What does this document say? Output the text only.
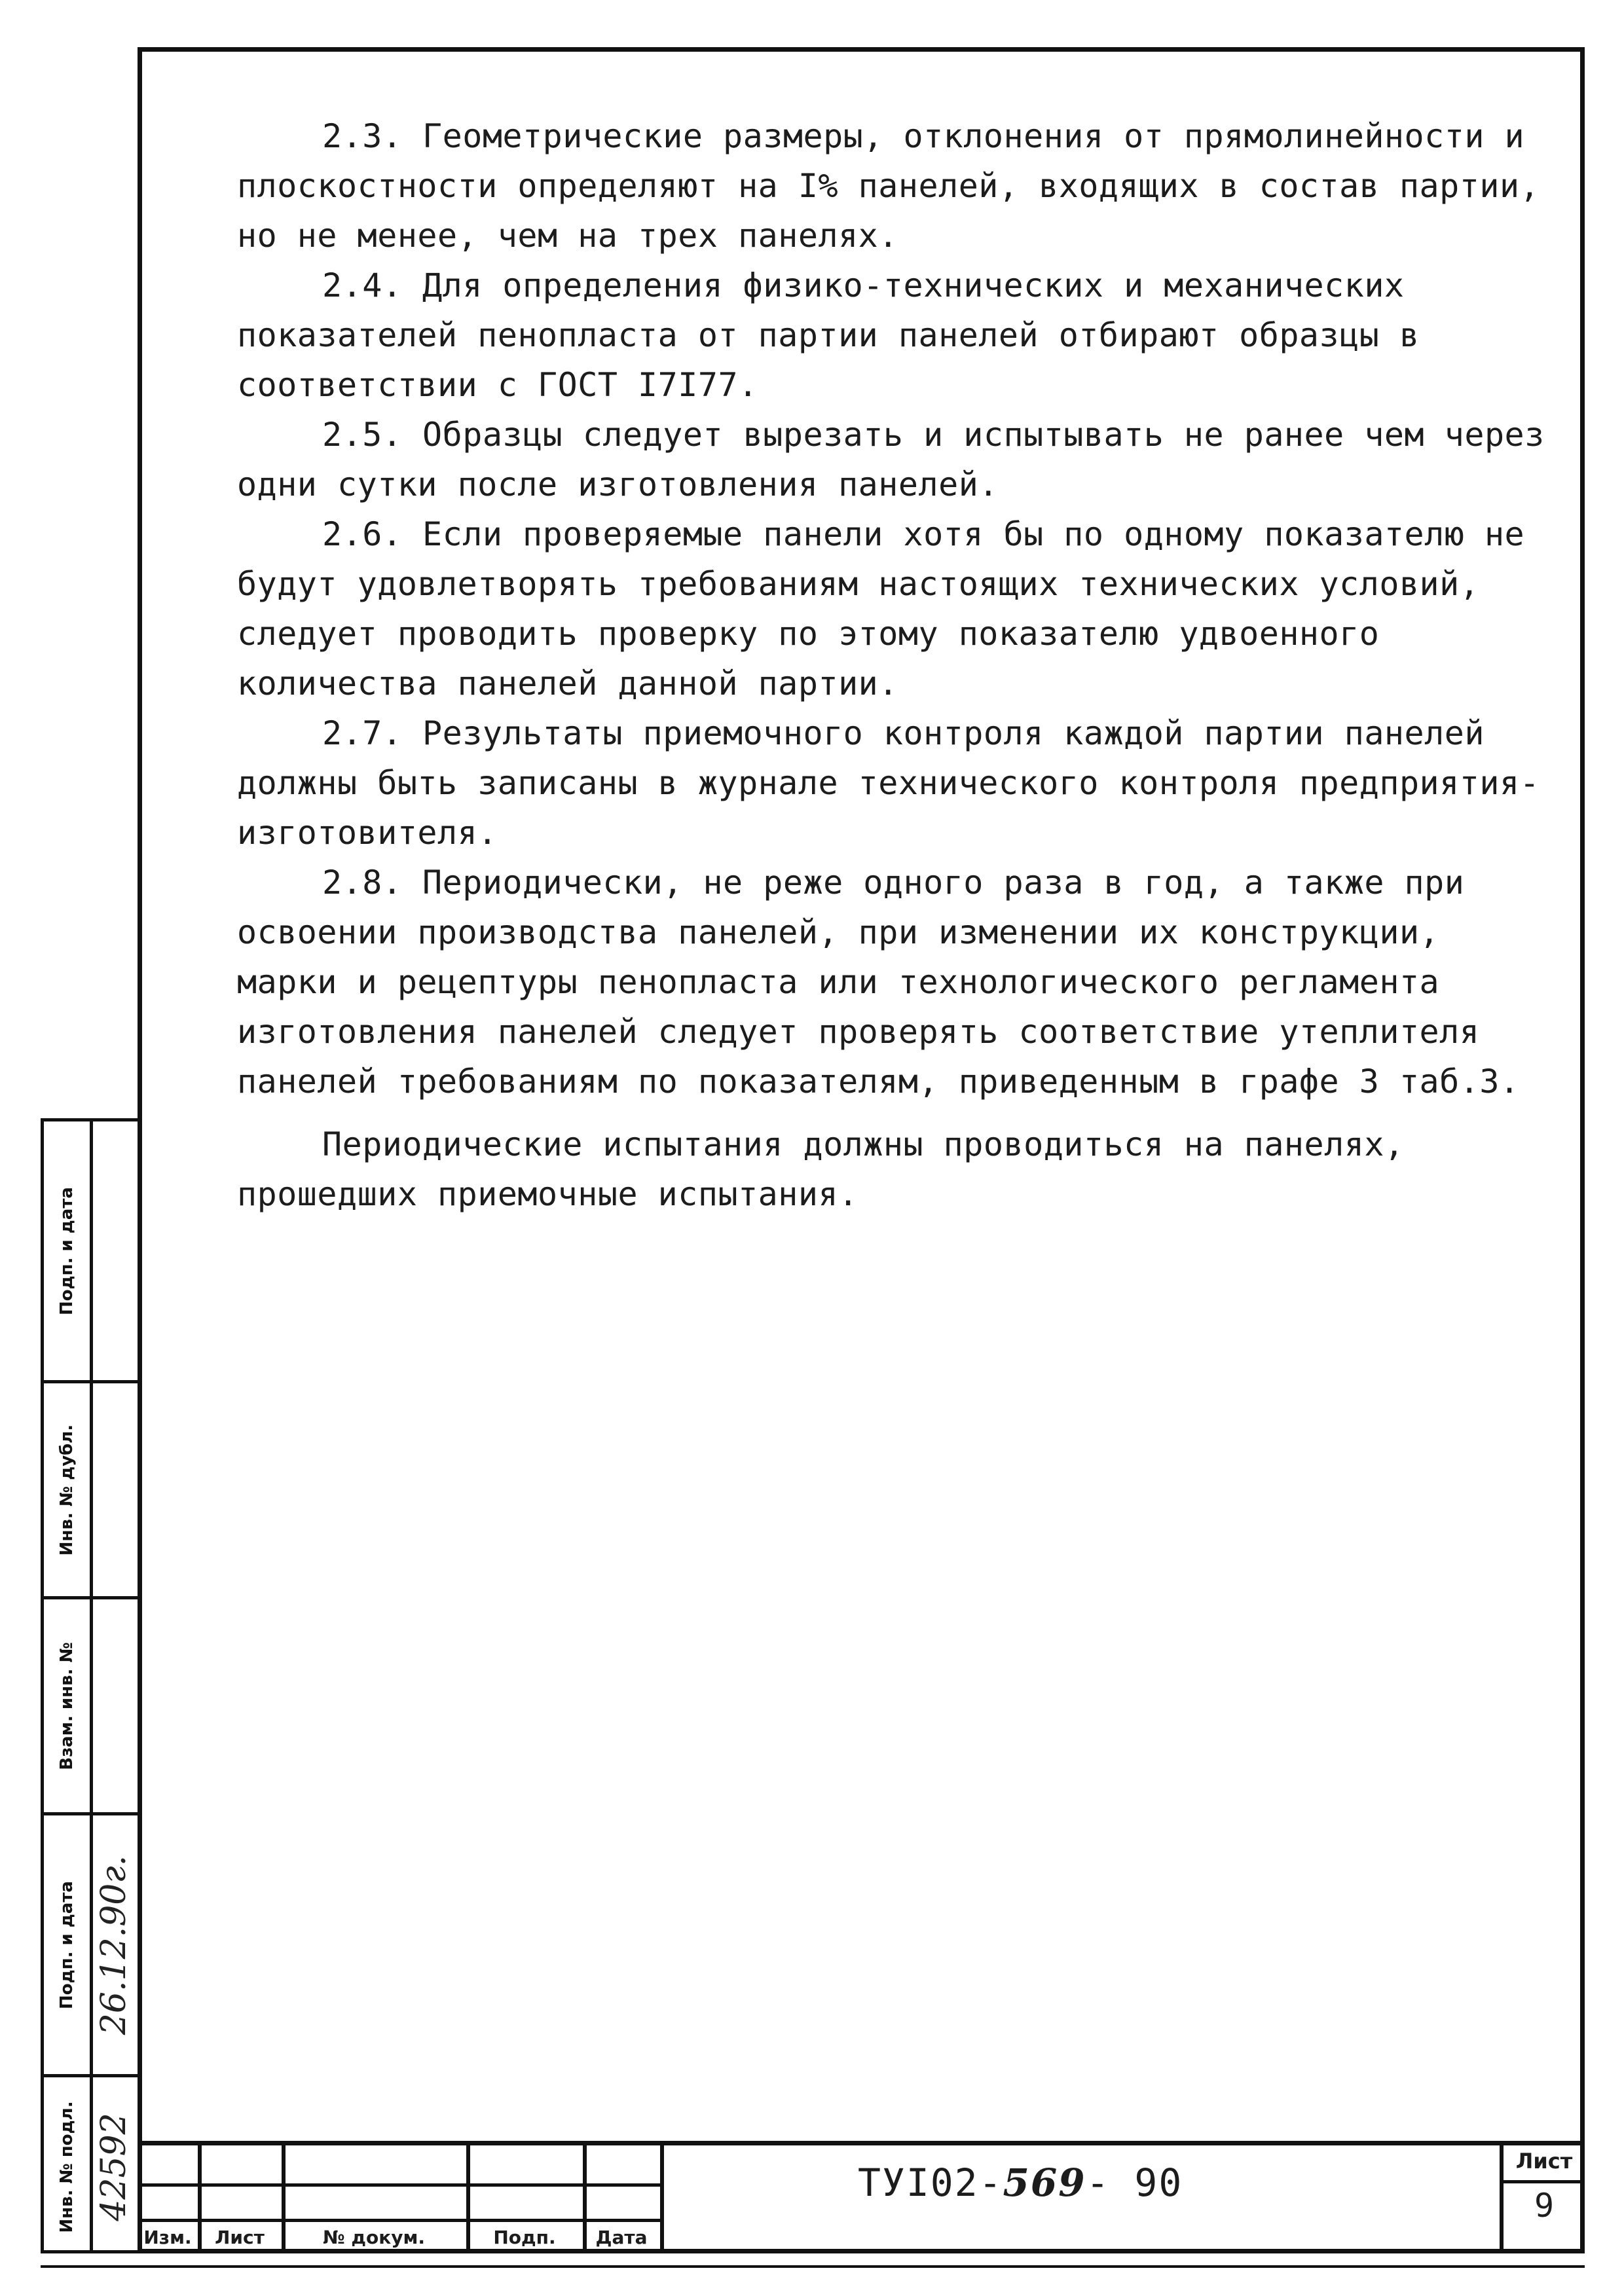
2.3. Геометрические размеры, отклонения от прямолинейности и плоскостности определяют на I% панелей, входящих в состав партии, но не менее, чем на трех панелях.

2.4. Для определения физико-технических и механических показателей пенопласта от партии панелей отбирают образцы в соответствии с ГОСТ I7I77.

2.5. Образцы следует вырезать и испытывать не ранее чем через одни сутки после изготовления панелей.

2.6. Если проверяемые панели хотя бы по одному показателю не будут удовлетворять требованиям настоящих технических условий, следует проводить проверку по этому показателю удвоенного количества панелей данной партии.

2.7. Результаты приемочного контроля каждой партии панелей должны быть записаны в журнале технического контроля предприятия-изготовителя.

2.8. Периодически, не реже одного раза в год, а также при освоении производства панелей, при изменении их конструкции, марки и рецептуры пенопласта или технологического регламента изготовления панелей следует проверять соответствие утеплителя панелей требованиям по показателям, приведенным в графе 3 таб.3.

Периодические испытания должны проводиться на панелях, прошедших приемочные испытания.

Подп. и дата
Инв. № дубл.
Взам. инв. №
Подп. и дата
Инв. № подл.
26.12.90г.
42592
Изм.	Лист	№ докум.	Подп.	Дата
ТУI02-569- 90	Лист
9
